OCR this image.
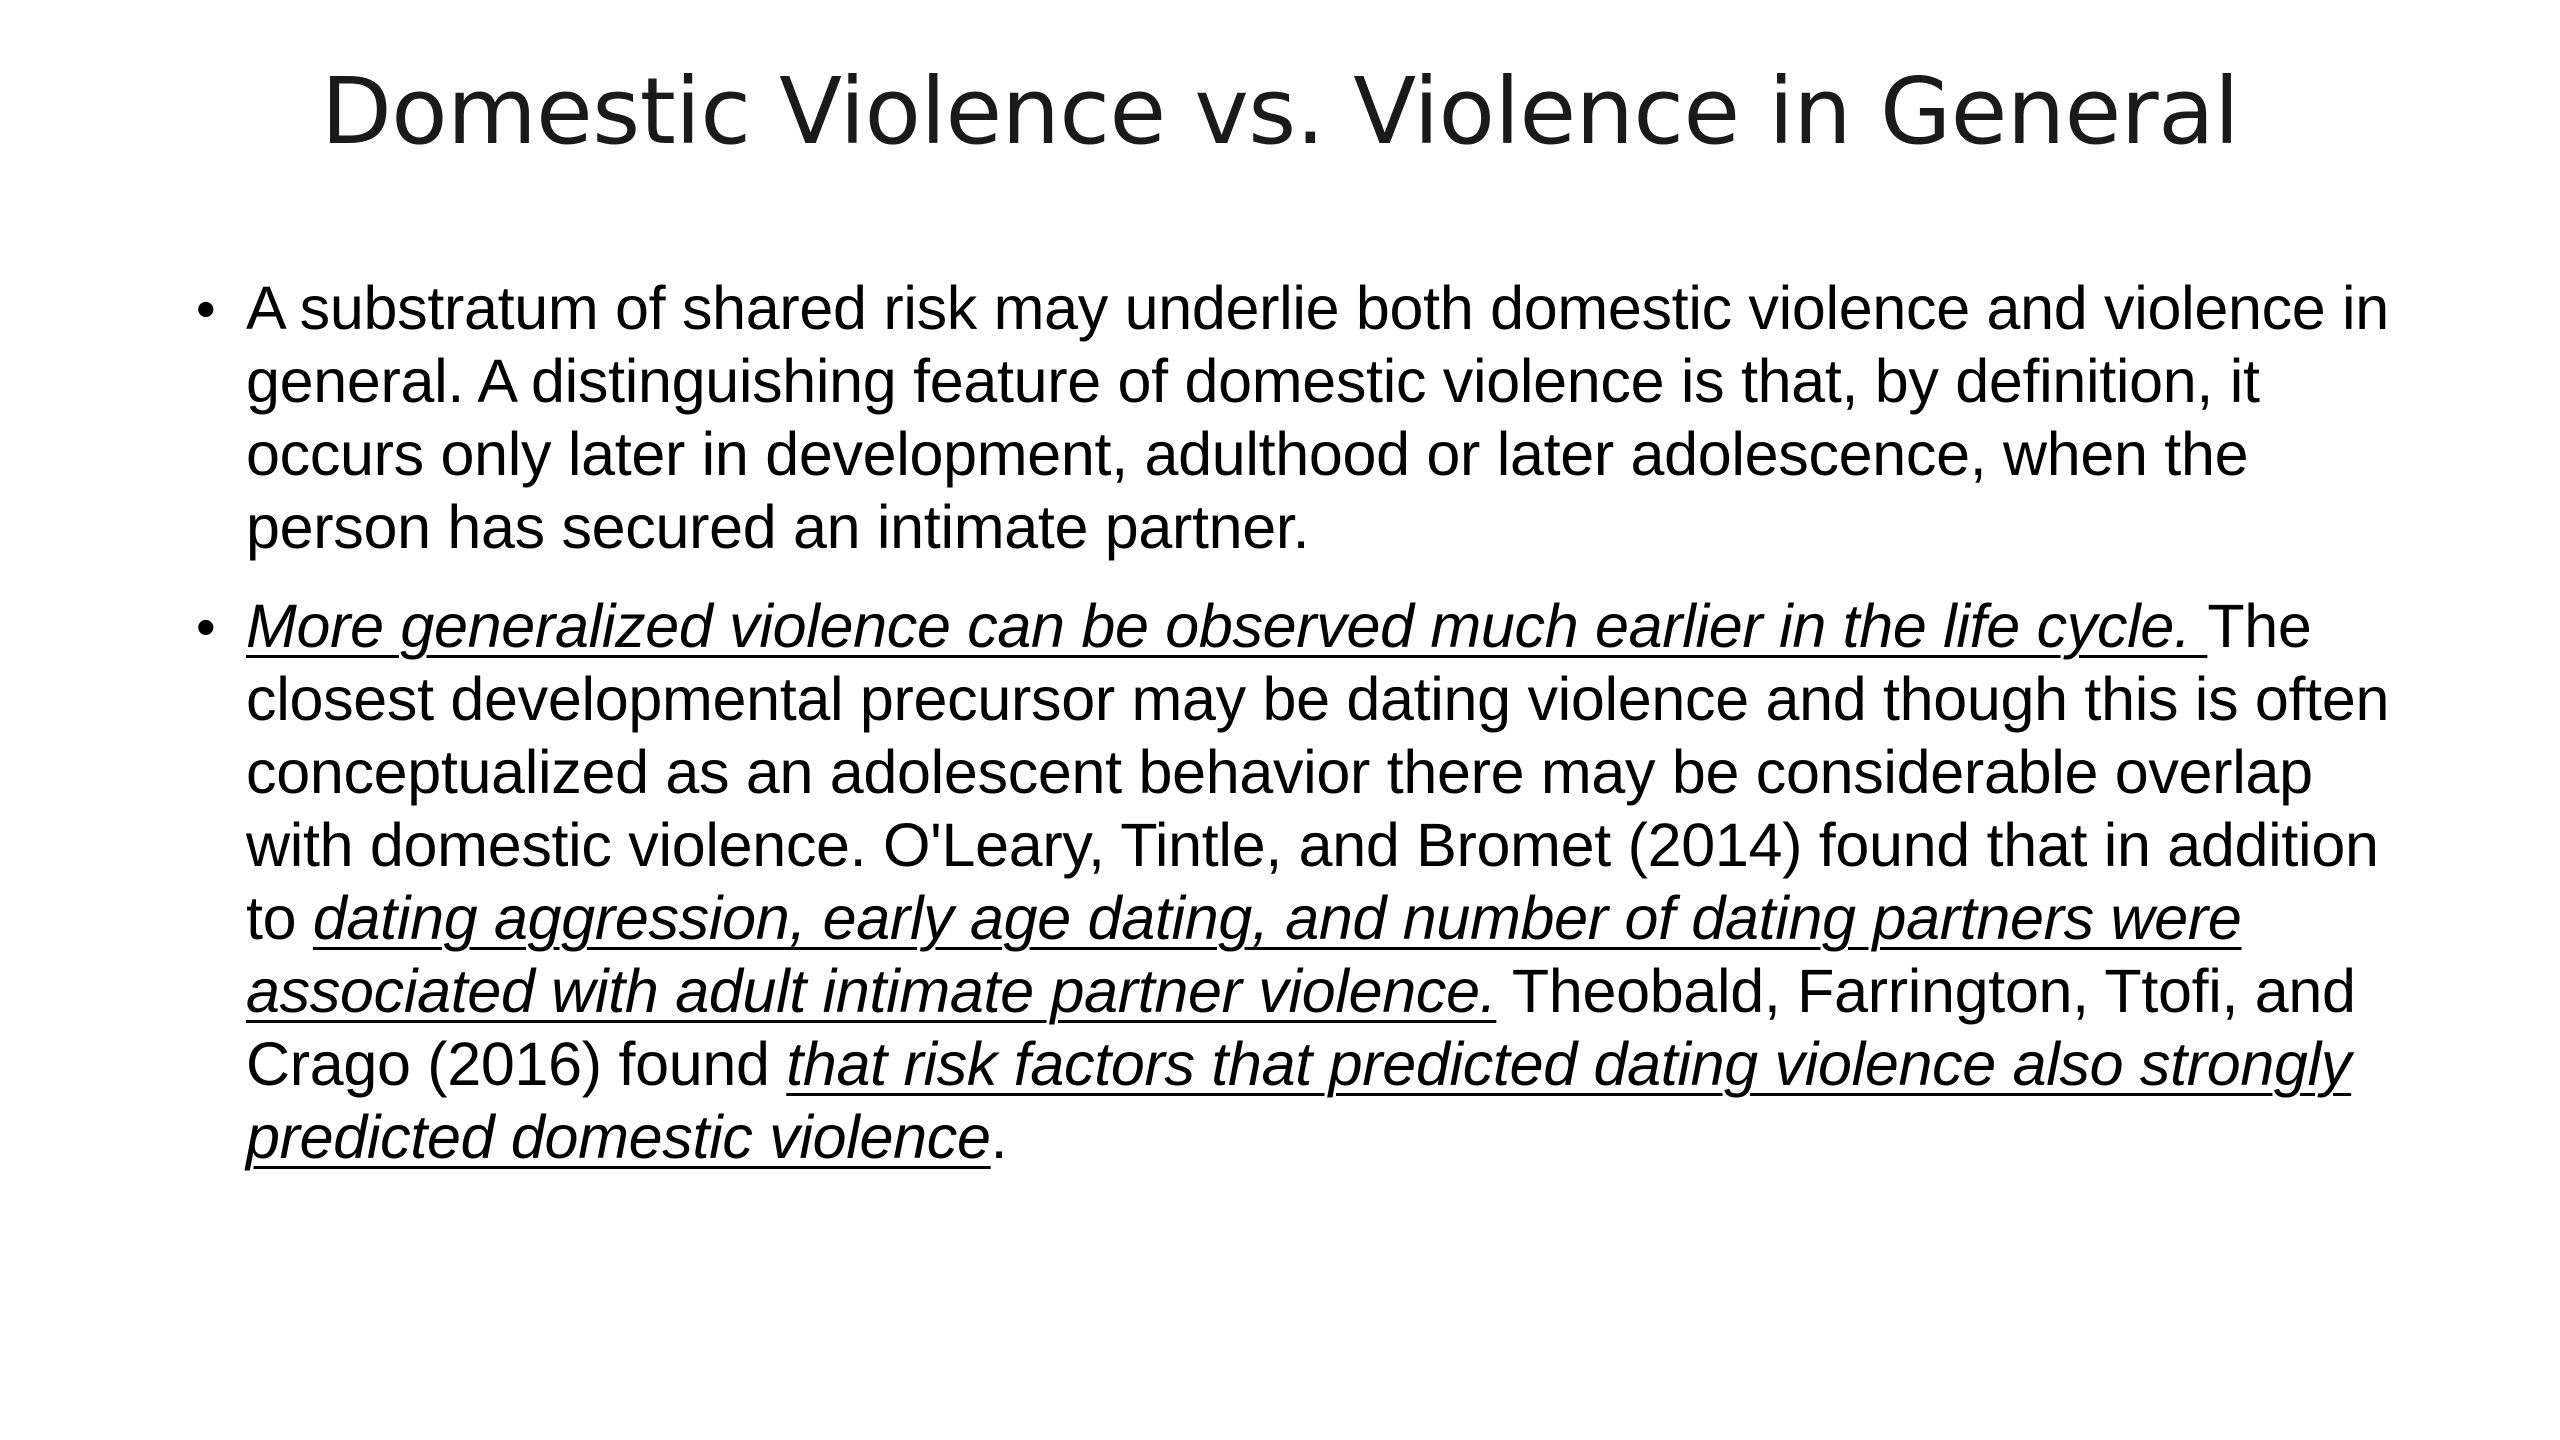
Domestic Violence vs. Violence in General
• A substratum of shared risk may underlie both domestic violence and violence in general. A distinguishing feature of domestic violence is that, by definition, it occurs only later in development, adulthood or later adolescence, when the person has secured an intimate partner.
• More generalized violence can be observed much earlier in the life cycle. The closest developmental precursor may be dating violence and though this is often conceptualized as an adolescent behavior there may be considerable overlap with domestic violence. O'Leary, Tintle, and Bromet (2014) found that in addition to dating aggression, early age dating, and number of dating partners were associated with adult intimate partner violence. Theobald, Farrington, Ttofi, and Crago (2016) found that risk factors that predicted dating violence also strongly predicted domestic violence.
